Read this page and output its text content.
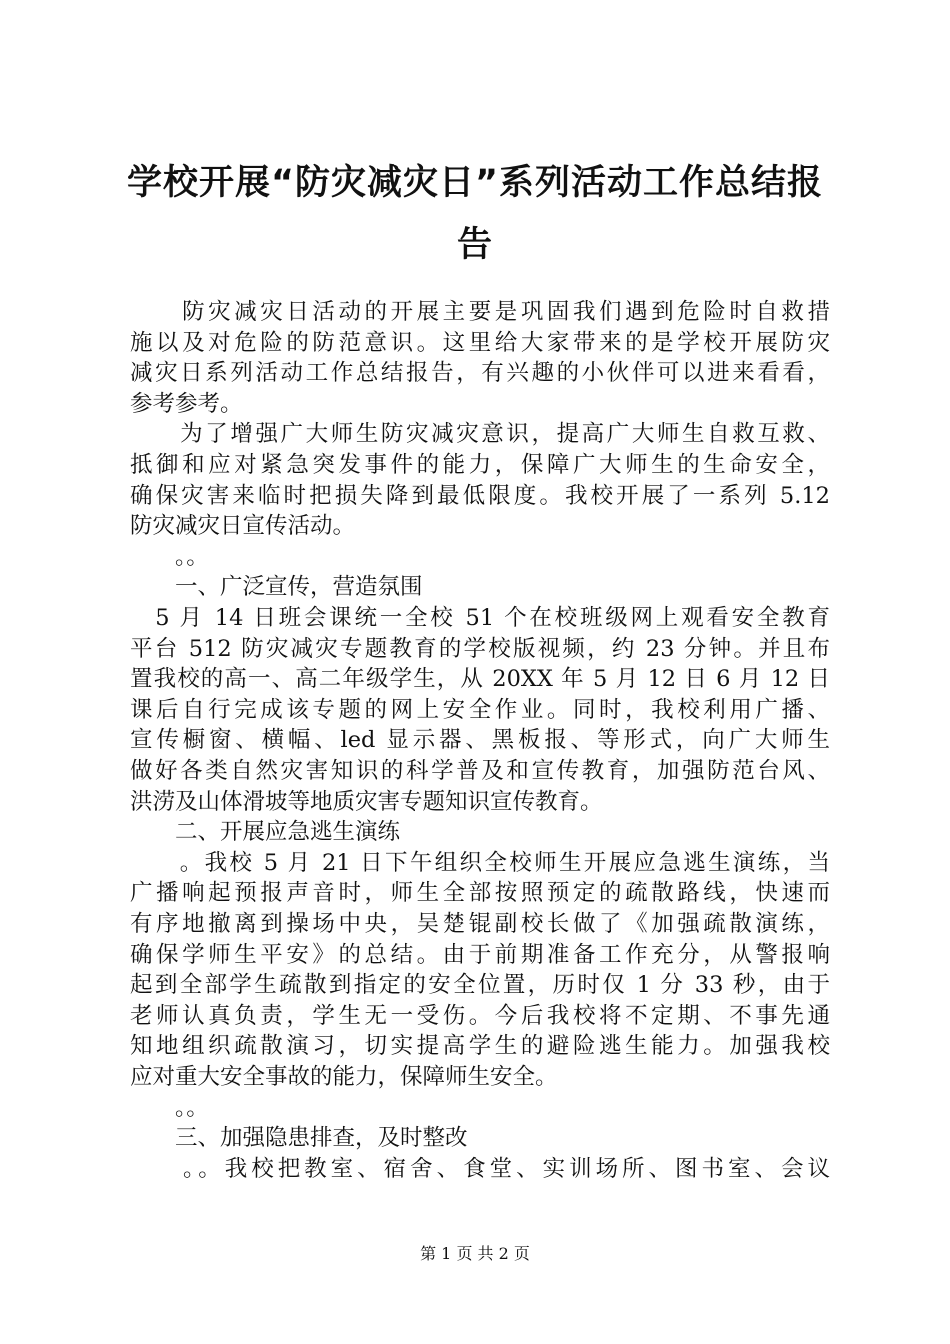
学校开展“防灾减灾日”系列活动工作总结报
告
　　防灾减灾日活动的开展主要是巩固我们遇到危险时自救措
施以及对危险的防范意识。这里给大家带来的是学校开展防灾
减灾日系列活动工作总结报告，有兴趣的小伙伴可以进来看看，
参考参考。
　　为了增强广大师生防灾减灾意识，提高广大师生自救互救、
抵御和应对紧急突发事件的能力，保障广大师生的生命安全，
确保灾害来临时把损失降到最低限度。我校开展了一系列 5.12
防灾减灾日宣传活动。
　　。。
　　一、广泛宣传，营造氛围
　5 月 14 日班会课统一全校 51 个在校班级网上观看安全教育
平台 512 防灾减灾专题教育的学校版视频，约 23 分钟。并且布
置我校的高一、高二年级学生，从 20XX 年 5 月 12 日 6 月 12 日
课后自行完成该专题的网上安全作业。同时，我校利用广播、
宣传橱窗、横幅、led 显示器、黑板报、等形式，向广大师生
做好各类自然灾害知识的科学普及和宣传教育，加强防范台风、
洪涝及山体滑坡等地质灾害专题知识宣传教育。
　　二、开展应急逃生演练
　　。我校 5 月 21 日下午组织全校师生开展应急逃生演练，当
广播响起预报声音时，师生全部按照预定的疏散路线，快速而
有序地撤离到操场中央，吴楚锟副校长做了《加强疏散演练，
确保学师生平安》的总结。由于前期准备工作充分，从警报响
起到全部学生疏散到指定的安全位置，历时仅 1 分 33 秒，由于
老师认真负责，学生无一受伤。今后我校将不定期、不事先通
知地组织疏散演习，切实提高学生的避险逃生能力。加强我校
应对重大安全事故的能力，保障师生安全。
　　。。
　　三、加强隐患排查，及时整改
　　。。我校把教室、宿舍、食堂、实训场所、图书室、会议
第 1 页 共 2 页
